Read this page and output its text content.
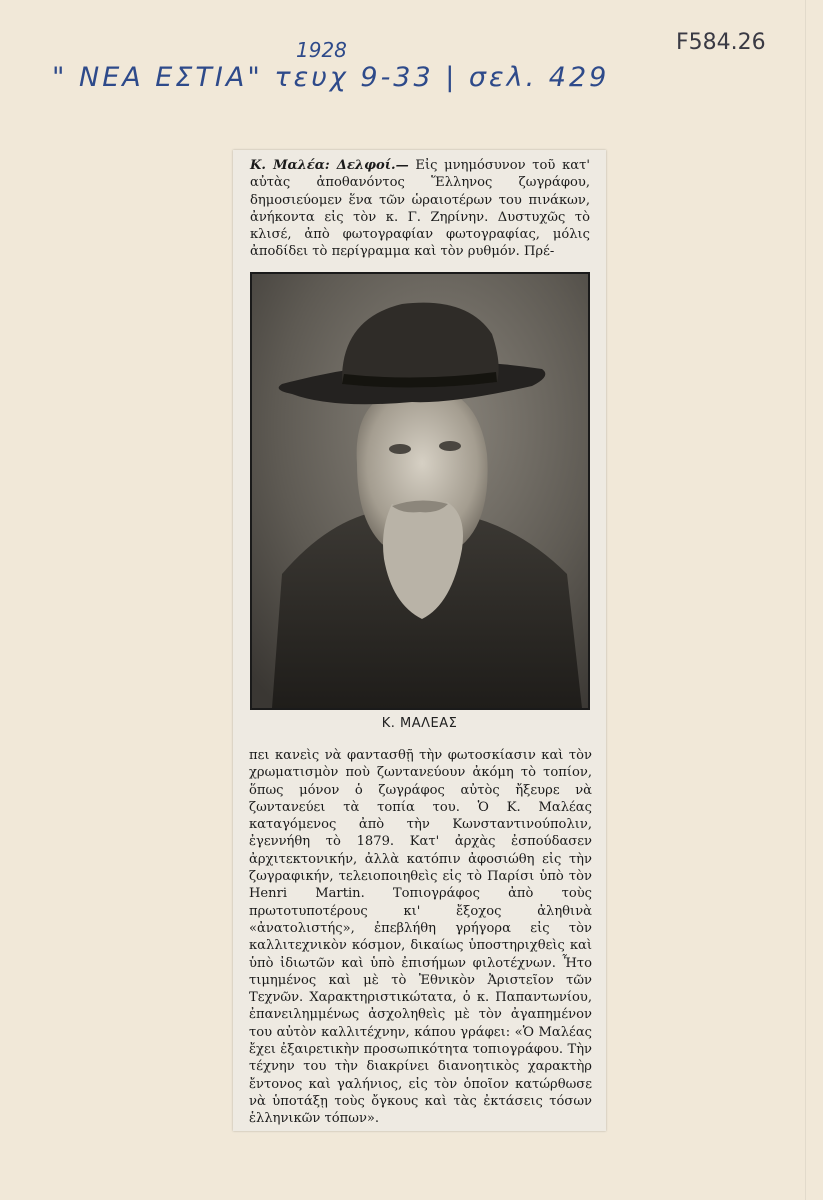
" ΝΕΑ ΕΣΤΙΑ" τευχ 9-33 | σελ. 429
1928	F584.26

Κ. Μαλέα: Δελφοί.— Εἰς μνημόσυνον τοῦ κατ' αὐτὰς ἀποθανόντος Ἕλληνος ζωγράφου, δημοσιεύομεν ἕνα τῶν ὡραιοτέρων του πινάκων, ἀνήκοντα εἰς τὸν κ. Γ. Ζηρίνην. Δυστυχῶς τὸ κλισέ, ἀπὸ φωτογραφίαν φωτογραφίας, μόλις ἀποδίδει τὸ περίγραμμα καὶ τὸν ρυθμόν. Πρέ-

Κ. ΜΑΛΕΑΣ

πει κανεὶς νὰ φαντασθῇ τὴν φωτοσκίασιν καὶ τὸν χρωματισμὸν ποὺ ζωντανεύουν ἀκόμη τὸ τοπίον, ὅπως μόνον ὁ ζωγράφος αὐτὸς ἤξευρε νὰ ζωντανεύει τὰ τοπία του. Ὁ Κ. Μαλέας καταγόμενος ἀπὸ τὴν Κωνσταντινούπολιν, ἐγεννήθη τὸ 1879. Κατ' ἀρχὰς ἐσπούδασεν ἀρχιτεκτονικήν, ἀλλὰ κατόπιν ἀφοσιώθη εἰς τὴν ζωγραφικήν, τελειοποιηθεὶς εἰς τὸ Παρίσι ὑπὸ τὸν Henri Martin. Τοπιογράφος ἀπὸ τοὺς πρωτοτυποτέρους κι' ἔξοχος ἀληθινὰ «ἀνατολιστής», ἐπεβλήθη γρήγορα εἰς τὸν καλλιτεχνικὸν κόσμον, δικαίως ὑποστηριχθεὶς καὶ ὑπὸ ἰδιωτῶν καὶ ὑπὸ ἐπισήμων φιλοτέχνων. Ἦτο τιμημένος καὶ μὲ τὸ Ἐθνικὸν Ἀριστεῖον τῶν Τεχνῶν. Χαρακτηριστικώτατα, ὁ κ. Παπαντωνίου, ἐπανειλημμένως ἀσχοληθεὶς μὲ τὸν ἀγαπημένον του αὐτὸν καλλιτέχνην, κάπου γράφει: «Ὁ Μαλέας ἔχει ἐξαιρετικὴν προσωπικότητα τοπιογράφου. Τὴν τέχνην του τὴν διακρίνει διανοητικὸς χαρακτὴρ ἔντονος καὶ γαλήνιος, εἰς τὸν ὁποῖον κατώρθωσε νὰ ὑποτάξῃ τοὺς ὄγκους καὶ τὰς ἐκτάσεις τόσων ἑλληνικῶν τόπων».
